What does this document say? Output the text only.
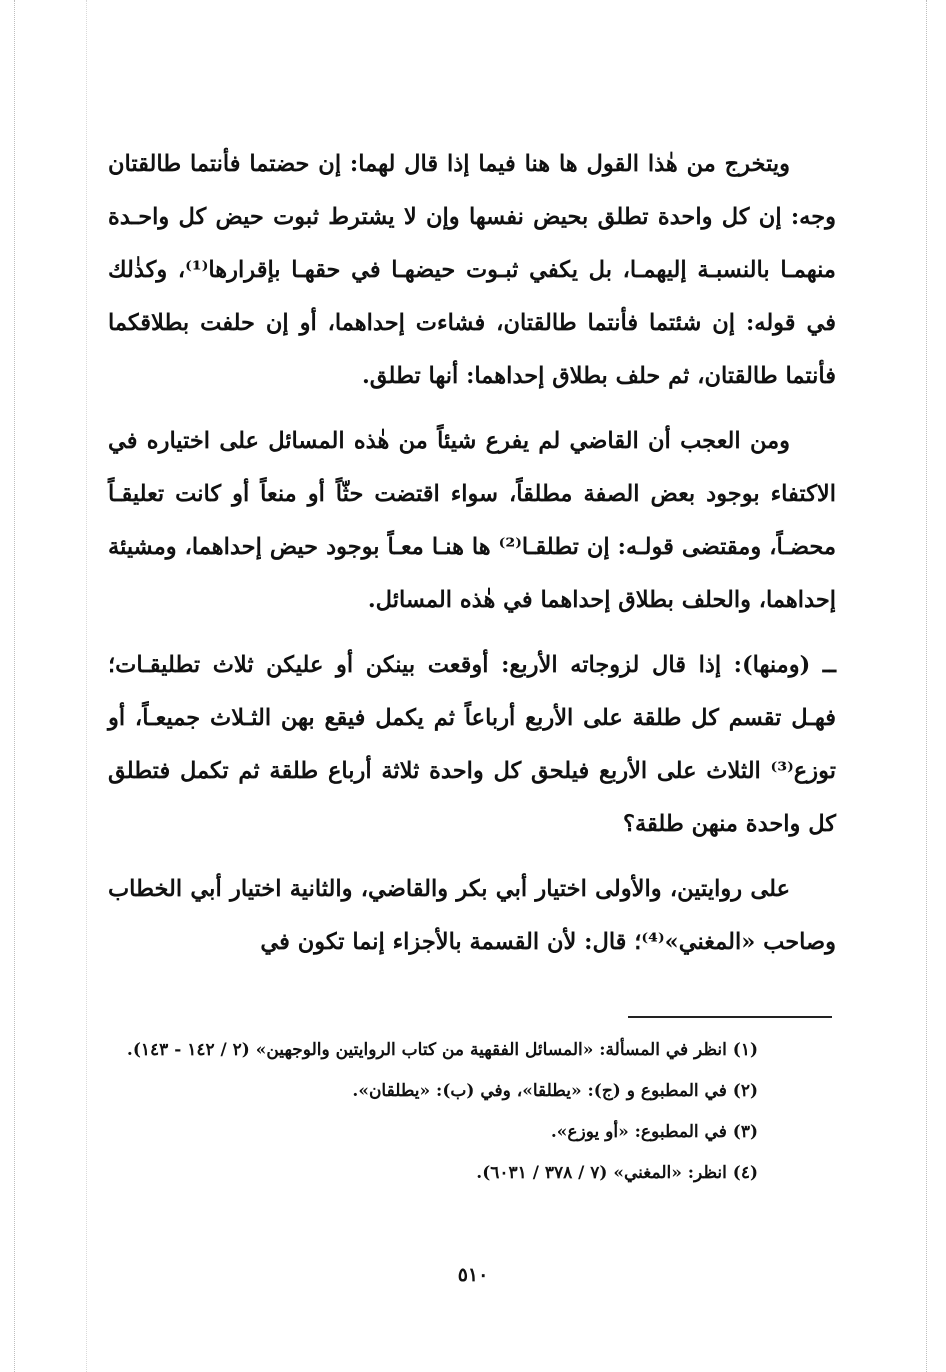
ويتخرج من هٰذا القول ها هنا فيما إذا قال لهما: إن حضتما فأنتما طالقتان وجه: إن كل واحدة تطلق بحيض نفسها وإن لا يشترط ثبوت حيض كل واحـدة منهمـا بالنسبـة إليهمـا، بل يكفي ثبـوت حيضهـا في حقهـا بإقرارها⁽¹⁾، وكذٰلك في قوله: إن شئتما فأنتما طالقتان، فشاءت إحداهما، أو إن حلفت بطلاقكما فأنتما طالقتان، ثم حلف بطلاق إحداهما: أنها تطلق.

ومن العجب أن القاضي لم يفرع شيئاً من هٰذه المسائل على اختياره في الاكتفاء بوجود بعض الصفة مطلقاً، سواء اقتضت حثّاً أو منعاً أو كانت تعليقـاً محضـاً، ومقتضى قولـه: إن تطلقـا⁽²⁾ ها هنـا معـاً بوجود حيض إحداهما، ومشيئة إحداهما، والحلف بطلاق إحداهما في هٰذه المسائل.

ــ (ومنها): إذا قال لزوجاته الأربع: أوقعت بينكن أو عليكن ثلاث تطليقـات؛ فهـل تقسم كل طلقة على الأربع أرباعاً ثم يكمل فيقع بهن الثـلاث جميعـاً، أو توزع⁽³⁾ الثلاث على الأربع فيلحق كل واحدة ثلاثة أرباع طلقة ثم تكمل فتطلق كل واحدة منهن طلقة؟

على روايتين، والأولى اختيار أبي بكر والقاضي، والثانية اختيار أبي الخطاب وصاحب «المغني»⁽⁴⁾؛ قال: لأن القسمة بالأجزاء إنما تكون في

(١) انظر في المسألة: «المسائل الفقهية من كتاب الروايتين والوجهين» (٢ / ١٤٢ - ١٤٣).

(٢) في المطبوع و (ج): «يطلقا»، وفي (ب): «يطلقان».

(٣) في المطبوع: «أو يوزع».

(٤) انظر: «المغني» (٧ / ٣٧٨ / ٦٠٣١).

٥١٠
